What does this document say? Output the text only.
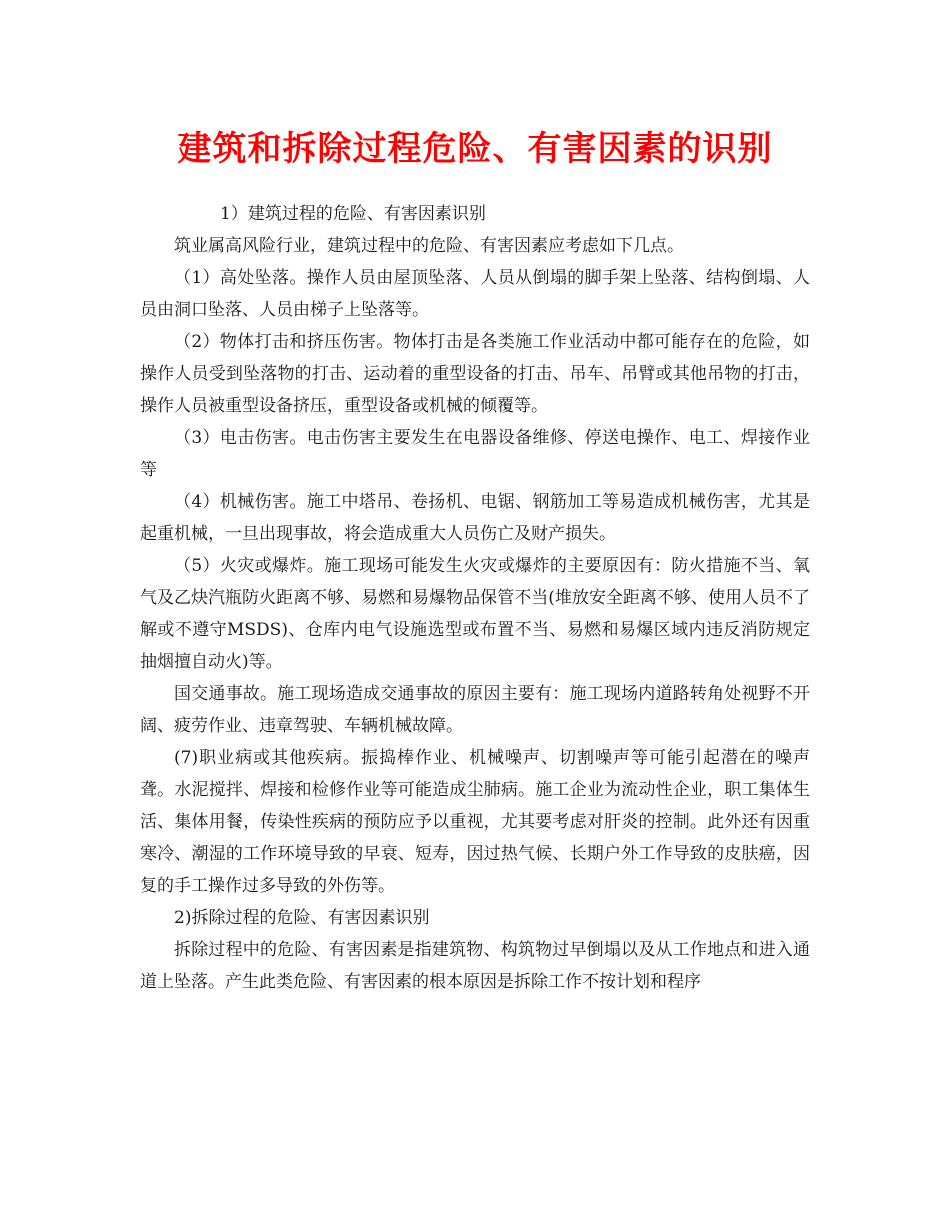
建筑和拆除过程危险、有害因素的识别

1）建筑过程的危险、有害因素识别

筑业属高风险行业，建筑过程中的危险、有害因素应考虑如下几点。

（1）高处坠落。操作人员由屋顶坠落、人员从倒塌的脚手架上坠落、结构倒塌、人员由洞口坠落、人员由梯子上坠落等。

（2）物体打击和挤压伤害。物体打击是各类施工作业活动中都可能存在的危险，如操作人员受到坠落物的打击、运动着的重型设备的打击、吊车、吊臂或其他吊物的打击，操作人员被重型设备挤压，重型设备或机械的倾覆等。

（3）电击伤害。电击伤害主要发生在电器设备维修、停送电操作、电工、焊接作业等

（4）机械伤害。施工中塔吊、卷扬机、电锯、钢筋加工等易造成机械伤害，尤其是起重机械，一旦出现事故，将会造成重大人员伤亡及财产损失。

（5）火灾或爆炸。施工现场可能发生火灾或爆炸的主要原因有：防火措施不当、氧气及乙炔汽瓶防火距离不够、易燃和易爆物品保管不当(堆放安全距离不够、使用人员不了解或不遵守MSDS)、仓库内电气设施选型或布置不当、易燃和易爆区域内违反消防规定抽烟擅自动火)等。

国交通事故。施工现场造成交通事故的原因主要有：施工现场内道路转角处视野不开阔、疲劳作业、违章驾驶、车辆机械故障。

(7)职业病或其他疾病。振捣棒作业、机械噪声、切割噪声等可能引起潜在的噪声聋。水泥搅拌、焊接和检修作业等可能造成尘肺病。施工企业为流动性企业，职工集体生活、集体用餐，传染性疾病的预防应予以重视，尤其要考虑对肝炎的控制。此外还有因重寒冷、潮湿的工作环境导致的早衰、短寿，因过热气候、长期户外工作导致的皮肤癌，因复的手工操作过多导致的外伤等。

2)拆除过程的危险、有害因素识别

拆除过程中的危险、有害因素是指建筑物、构筑物过早倒塌以及从工作地点和进入通道上坠落。产生此类危险、有害因素的根本原因是拆除工作不按计划和程序
